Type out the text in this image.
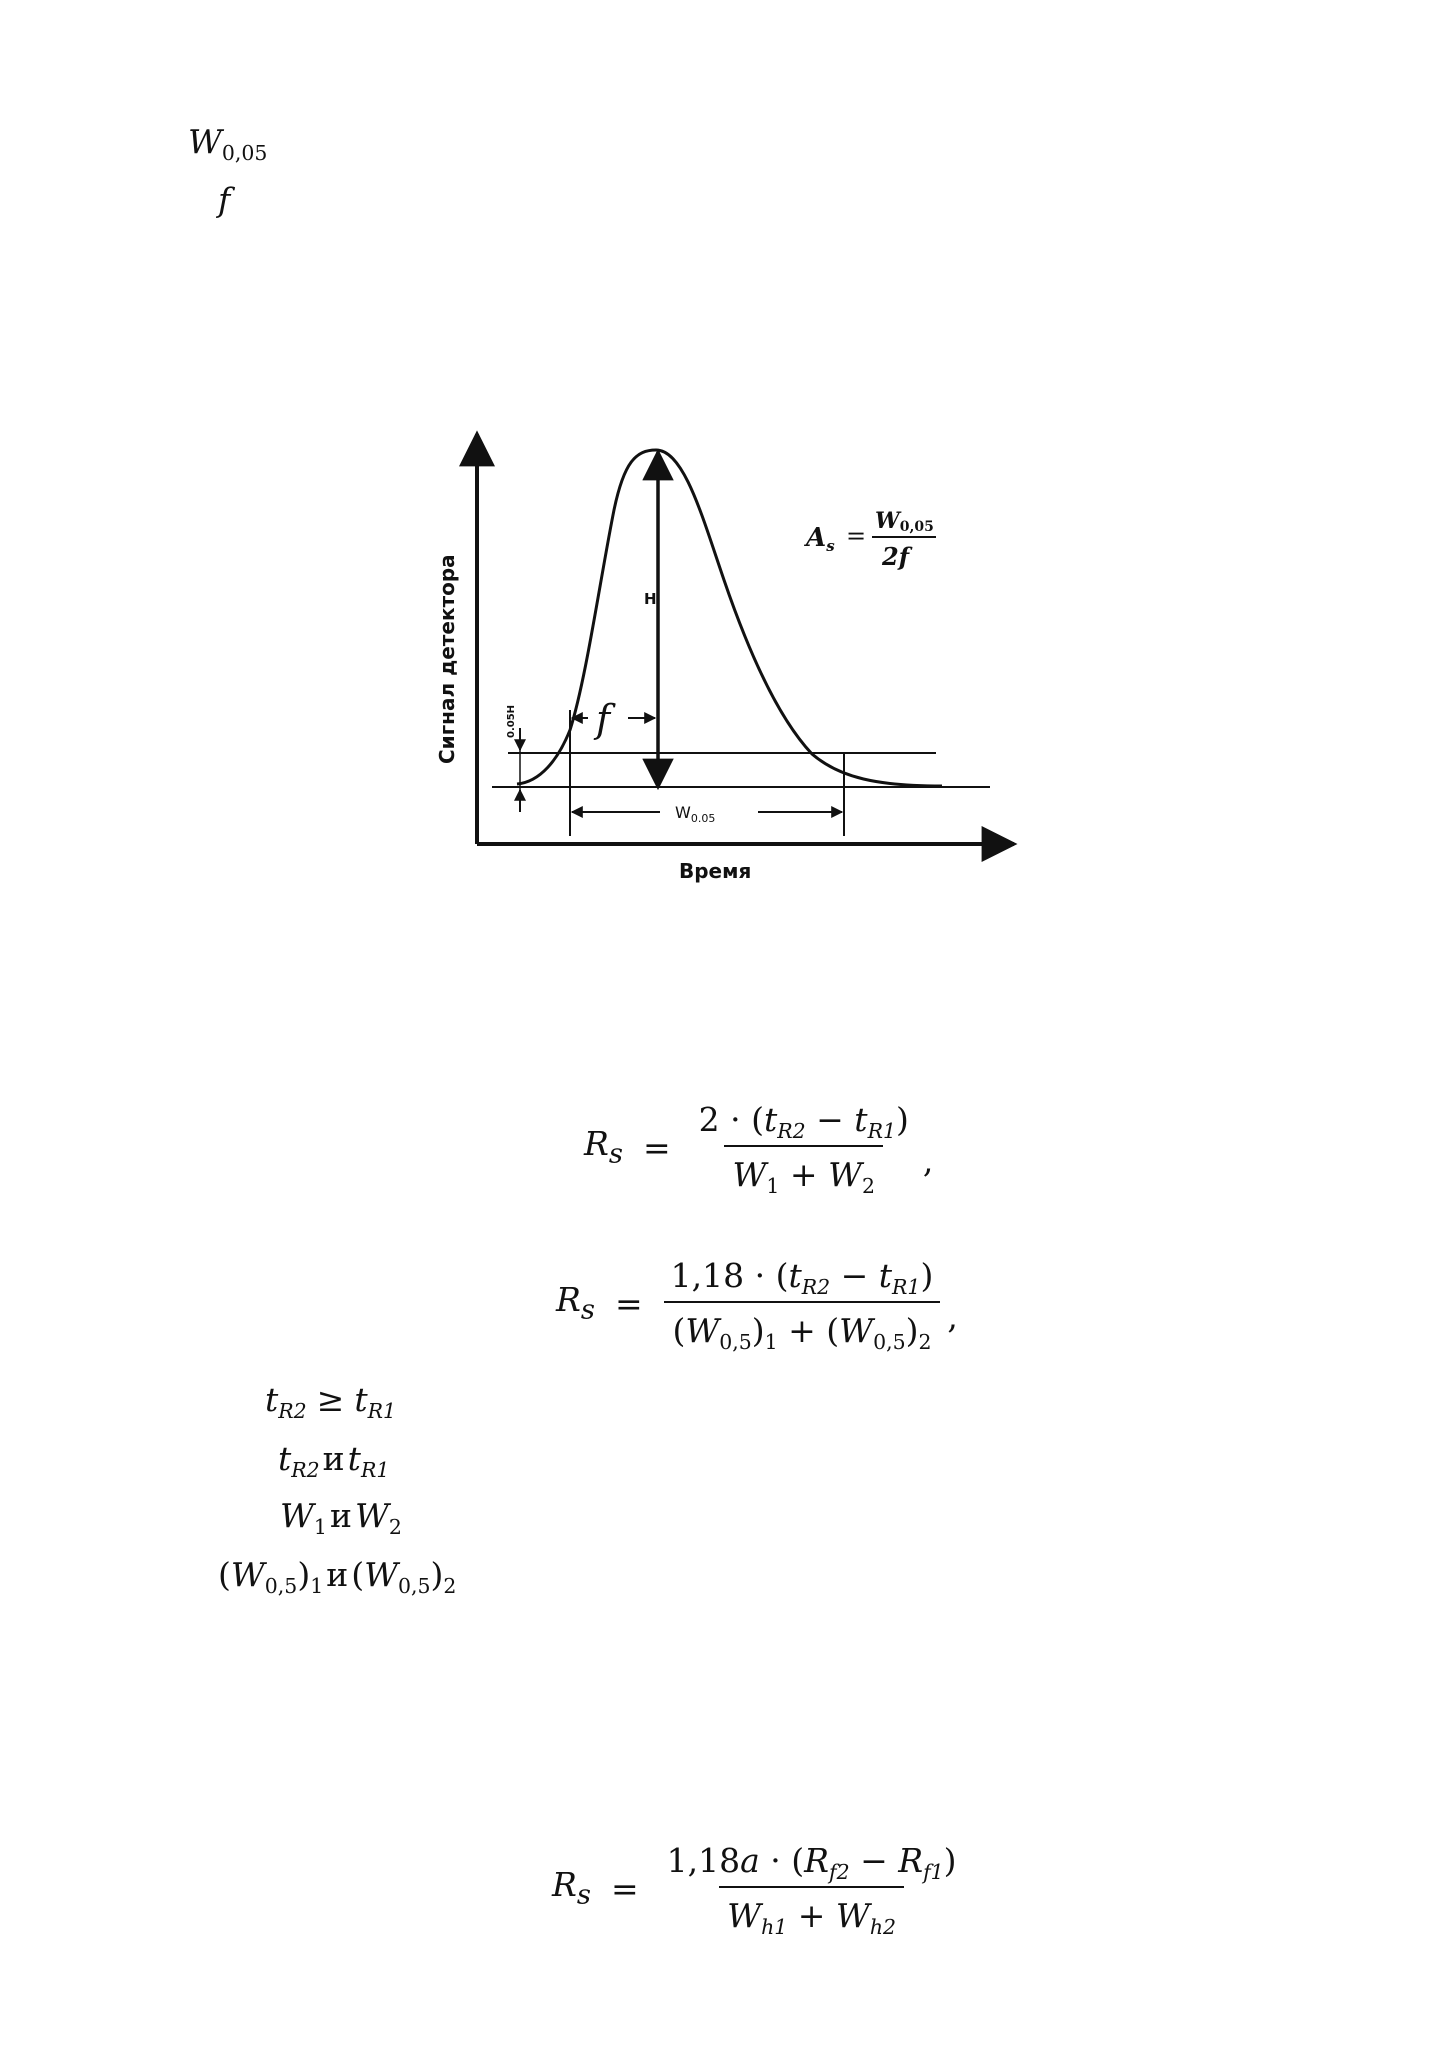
$W_{0,05}$
f
H
0.05H f
$W_{0.05}$
Сигнал детектора
Время
As =
W0,05
2f
$R_s = \frac{2 \cdot (t_{R2} - t_{R1})}{W_1 + W_2}$ ,
$R_s = \frac{1,18 \cdot (t_{R2} - t_{R1})}{(W_{0,5})_1 + (W_{0,5})_2}$ ,
$t_{R2} \ge t_{R1}$
$t_{R2}иt_{R1}$
$W_1иW_2$
$(W_{0,5})_1и(W_{0,5})_2$
$R_s = \frac{1,18a \cdot (R_{f2} - R_{f1})}{W_{h1} + W_{h2}}$
